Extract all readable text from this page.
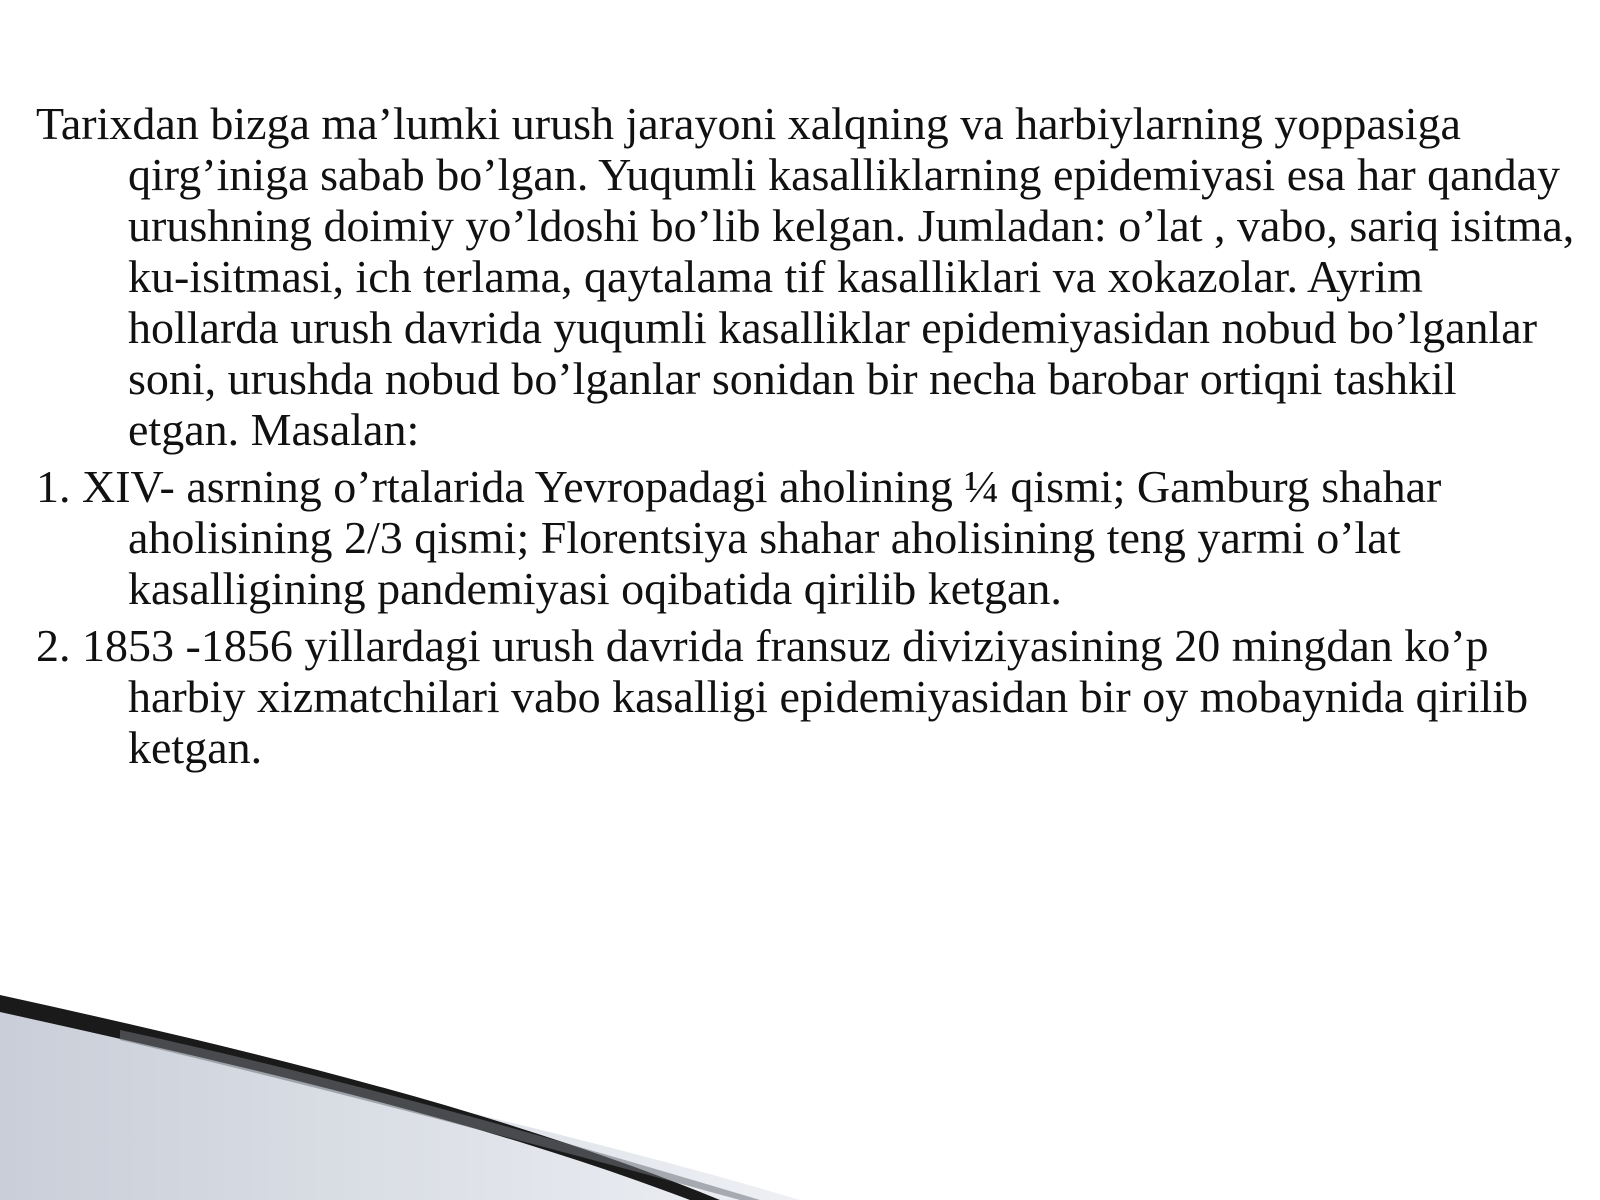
Tarixdan bizga ma’lumki urush jarayoni xalqning va harbiylarning yoppasiga qirg’iniga sabab bo’lgan. Yuqumli kasalliklarning epidemiyasi esa har qanday urushning doimiy yo’ldoshi bo’lib kelgan. Jumladan: o’lat , vabo, sariq isitma, ku-isitmasi, ich terlama, qaytalama tif kasalliklari va xokazolar. Ayrim hollarda urush davrida yuqumli kasalliklar epidemiyasidan nobud bo’lganlar soni, urushda nobud bo’lganlar sonidan bir necha barobar ortiqni tashkil etgan. Masalan:

1. XIV- asrning o’rtalarida Yevropadagi aholining ¼ qismi; Gamburg shahar aholisining 2/3 qismi; Florentsiya shahar aholisining teng yarmi o’lat kasalligining pandemiyasi oqibatida qirilib ketgan.

2. 1853 -1856 yillardagi urush davrida fransuz diviziyasining 20 mingdan ko’p harbiy xizmatchilari vabo kasalligi epidemiyasidan bir oy mobaynida qirilib ketgan.
